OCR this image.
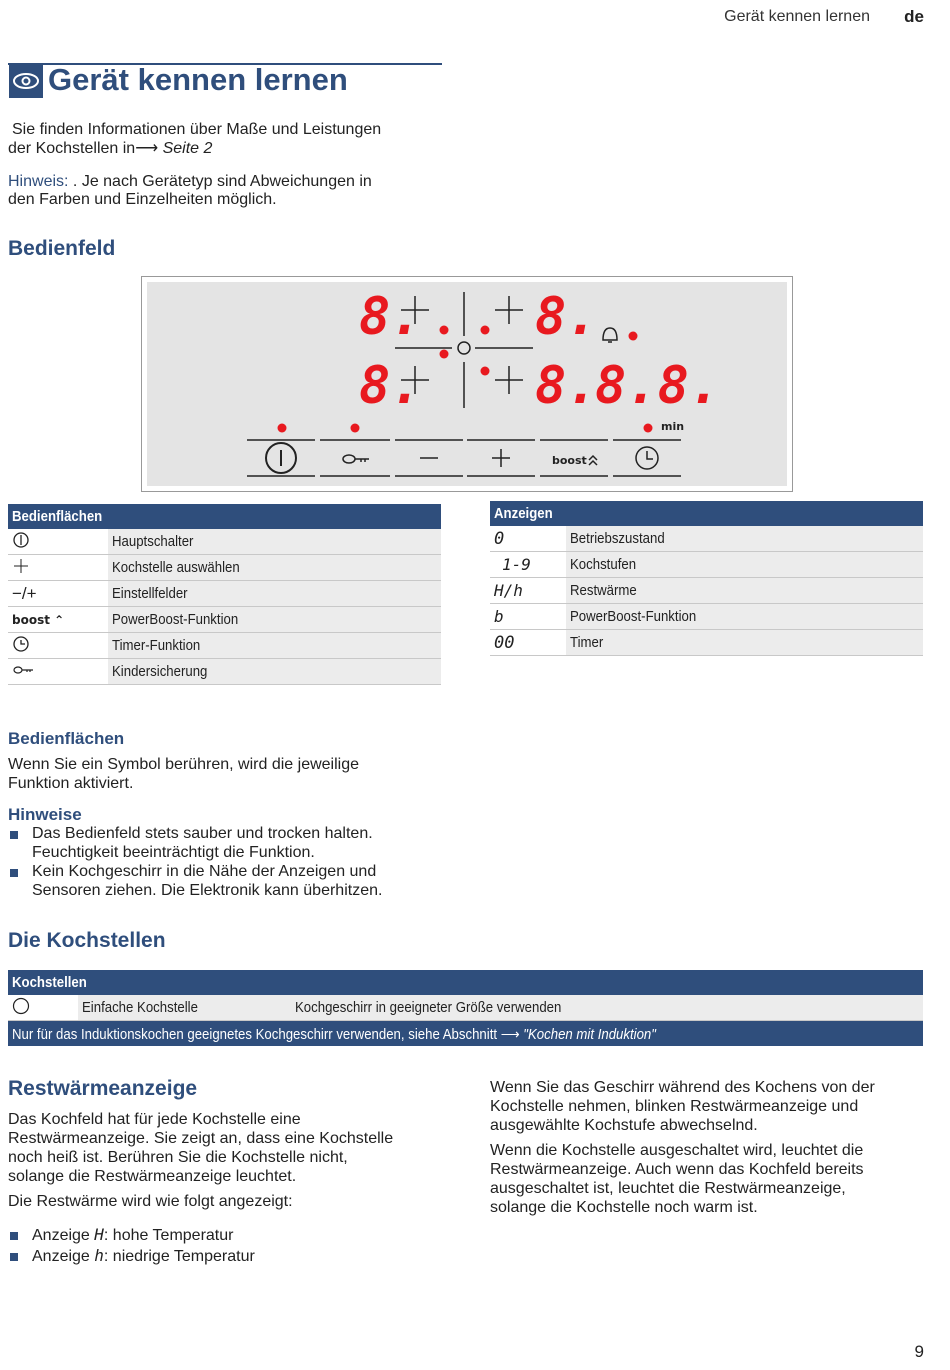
Gerät kennen lernen de
Gerät kennen lernen
Sie finden Informationen über Maße und Leistungen
der Kochstellen in⟶ Seite 2
Hinweis: . Je nach Gerätetyp sind Abweichungen in
den Farben und Einzelheiten möglich.
Bedienfeld
8. 8.
8. 8.
8.8.
boost
min
Bedienflächen	
	Hauptschalter
	Kochstelle auswählen
−/+	Einstellfelder
boost ⌃	PowerBoost-Funktion
	Timer-Funktion
	Kindersicherung
Anzeigen	
0	Betriebszustand
1-9	Kochstufen
H/h	Restwärme
b	PowerBoost-Funktion
00	Timer
Bedienflächen
Wenn Sie ein Symbol berühren, wird die jeweilige
Funktion aktiviert.
Hinweise
Das Bedienfeld stets sauber und trocken halten.
Feuchtigkeit beeinträchtigt die Funktion.
Kein Kochgeschirr in die Nähe der Anzeigen und
Sensoren ziehen. Die Elektronik kann überhitzen.
Die Kochstellen
Kochstellen
	Einfache Kochstelle	Kochgeschirr in geeigneter Größe verwenden
Nur für das Induktionskochen geeignetes Kochgeschirr verwenden, siehe Abschnitt ⟶ "Kochen mit Induktion"
Restwärmeanzeige
Das Kochfeld hat für jede Kochstelle eine
Restwärmeanzeige. Sie zeigt an, dass eine Kochstelle
noch heiß ist. Berühren Sie die Kochstelle nicht,
solange die Restwärmeanzeige leuchtet.
Die Restwärme wird wie folgt angezeigt:
Anzeige H: hohe Temperatur
Anzeige h: niedrige Temperatur
Wenn Sie das Geschirr während des Kochens von der
Kochstelle nehmen, blinken Restwärmeanzeige und
ausgewählte Kochstufe abwechselnd.
Wenn die Kochstelle ausgeschaltet wird, leuchtet die
Restwärmeanzeige. Auch wenn das Kochfeld bereits
ausgeschaltet ist, leuchtet die Restwärmeanzeige,
solange die Kochstelle noch warm ist.
9
